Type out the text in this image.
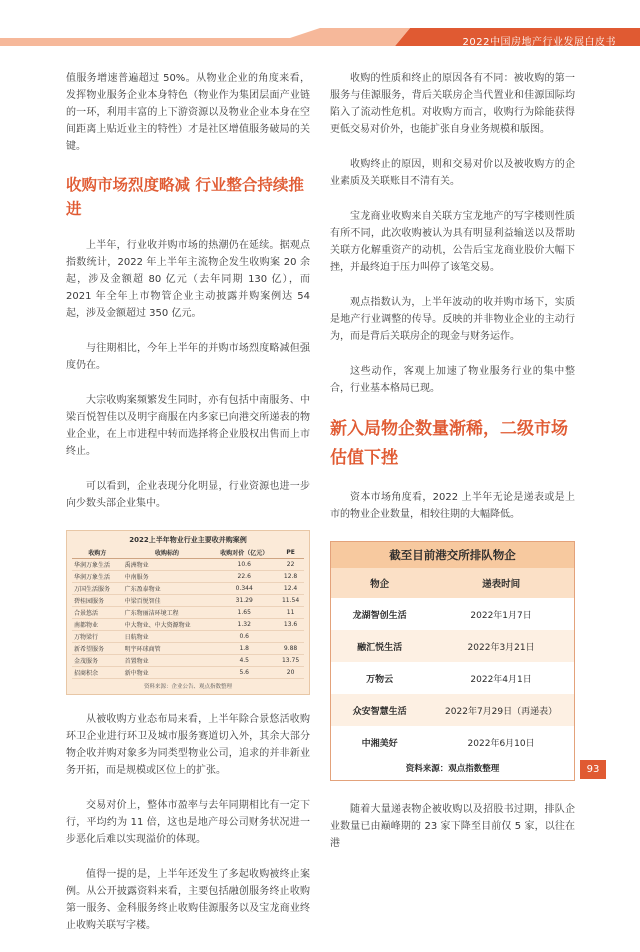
2022中国房地产行业发展白皮书

值服务增速普遍超过 50%。从物业企业的角度来看，发挥物业服务企业本身特色（物业作为集团层面产业链的一环，利用丰富的上下游资源以及物业企业本身在空间距离上贴近业主的特性）才是社区增值服务破局的关键。

收购市场烈度略减 行业整合持续推进

上半年，行业收并购市场的热潮仍在延续。据观点指数统计，2022 年上半年主流物企发生收购案 20 余起，涉及金额超 80 亿元（去年同期 130 亿），而 2021 年全年上市物管企业主动披露并购案例达 54 起，涉及金额超过 350 亿元。

与往期相比，今年上半年的并购市场烈度略减但强度仍在。

大宗收购案频繁发生同时，亦有包括中南服务、中梁百悦智佳以及明宇商服在内多家已向港交所递表的物业企业，在上市进程中转而选择将企业股权出售而上市终止。

可以看到，企业表现分化明显，行业资源也进一步向少数头部企业集中。

2022上半年物业行业主要收并购案例
收购方	收购标的	收购对价（亿元）	PE
华润万象生活	禹洲物业	10.6	22
华润万象生活	中南服务	22.6	12.8
万国生活服务	广东盈泰物业	0.344	12.4
碧桂园服务	中梁百悦智佳	31.29	11.54
合景悠活	广东物丽洁环境工程	1.65	11
南都物业	中大物业、中大资源物业	1.32	13.6
万物梁行	日航物业	0.6	
新希望服务	明宇环球商管	1.8	9.88
金茂服务	首置物业	4.5	13.75
招商积余	新中物业	5.6	20
资料来源：企业公告、观点指数整理

从被收购方业态布局来看，上半年除合景悠活收购环卫企业进行环卫及城市服务赛道切入外，其余大部分物企收并购对象多为同类型物业公司，追求的并非新业务开拓，而是规模或区位上的扩张。

交易对价上，整体市盈率与去年同期相比有一定下行，平均约为 11 倍，这也是地产母公司财务状况进一步恶化后难以实现溢价的体现。

值得一提的是，上半年还发生了多起收购被终止案例。从公开披露资料来看，主要包括融创服务终止收购第一服务、金科服务终止收购佳源服务以及宝龙商业终止收购关联写字楼。

收购的性质和终止的原因各有不同：被收购的第一服务与佳源服务，背后关联房企当代置业和佳源国际均陷入了流动性危机。对收购方而言，收购行为除能获得更低交易对价外，也能扩张自身业务规模和版图。

收购终止的原因，则和交易对价以及被收购方的企业素质及关联账目不清有关。

宝龙商业收购来自关联方宝龙地产的写字楼则性质有所不同，此次收购被认为具有明显利益输送以及帮助关联方化解重资产的动机，公告后宝龙商业股价大幅下挫，并最终迫于压力叫停了该笔交易。

观点指数认为，上半年波动的收并购市场下，实质是地产行业调整的传导。反映的并非物业企业的主动行为，而是背后关联房企的现金与财务运作。

这些动作，客观上加速了物业服务行业的集中整合，行业基本格局已现。

新入局物企数量渐稀，二级市场估值下挫

资本市场角度看，2022 上半年无论是递表或是上市的物业企业数量，相较往期的大幅降低。

截至目前港交所排队物企
物企	递表时间
龙湖智创生活	2022年1月7日
融汇悦生活	2022年3月21日
万物云	2022年4月1日
众安智慧生活	2022年7月29日（再递表）
中湘美好	2022年6月10日
资料来源：观点指数整理

随着大量递表物企被收购以及招股书过期，排队企业数量已由巅峰期的 23 家下降至目前仅 5 家，以往在港

93
